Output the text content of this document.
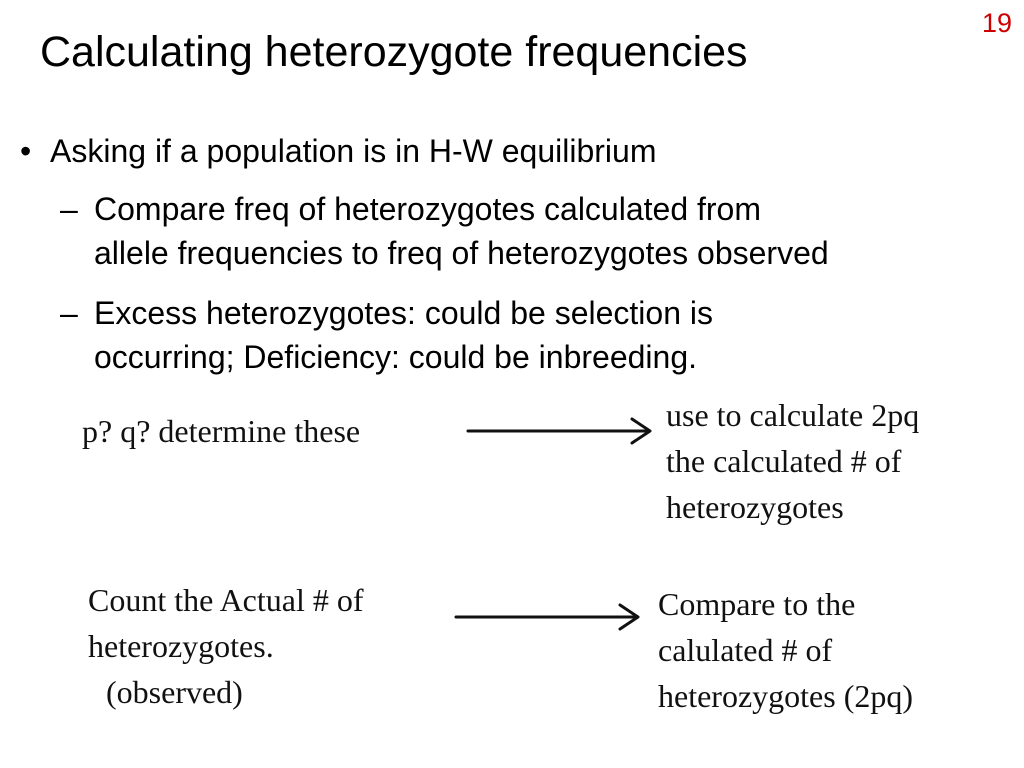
19
Calculating heterozygote frequencies
• Asking if a population is in H-W equilibrium
– Compare freq of heterozygotes calculated from
allele frequencies to freq of heterozygotes observed
– Excess heterozygotes: could be selection is
occurring; Deficiency: could be inbreeding.
p? q? determine these	use to calculate 2pq
the calculated # of
heterozygotes
Count the Actual # of
heterozygotes.
(observed)
Compare to the
calulated # of
heterozygotes (2pq)
